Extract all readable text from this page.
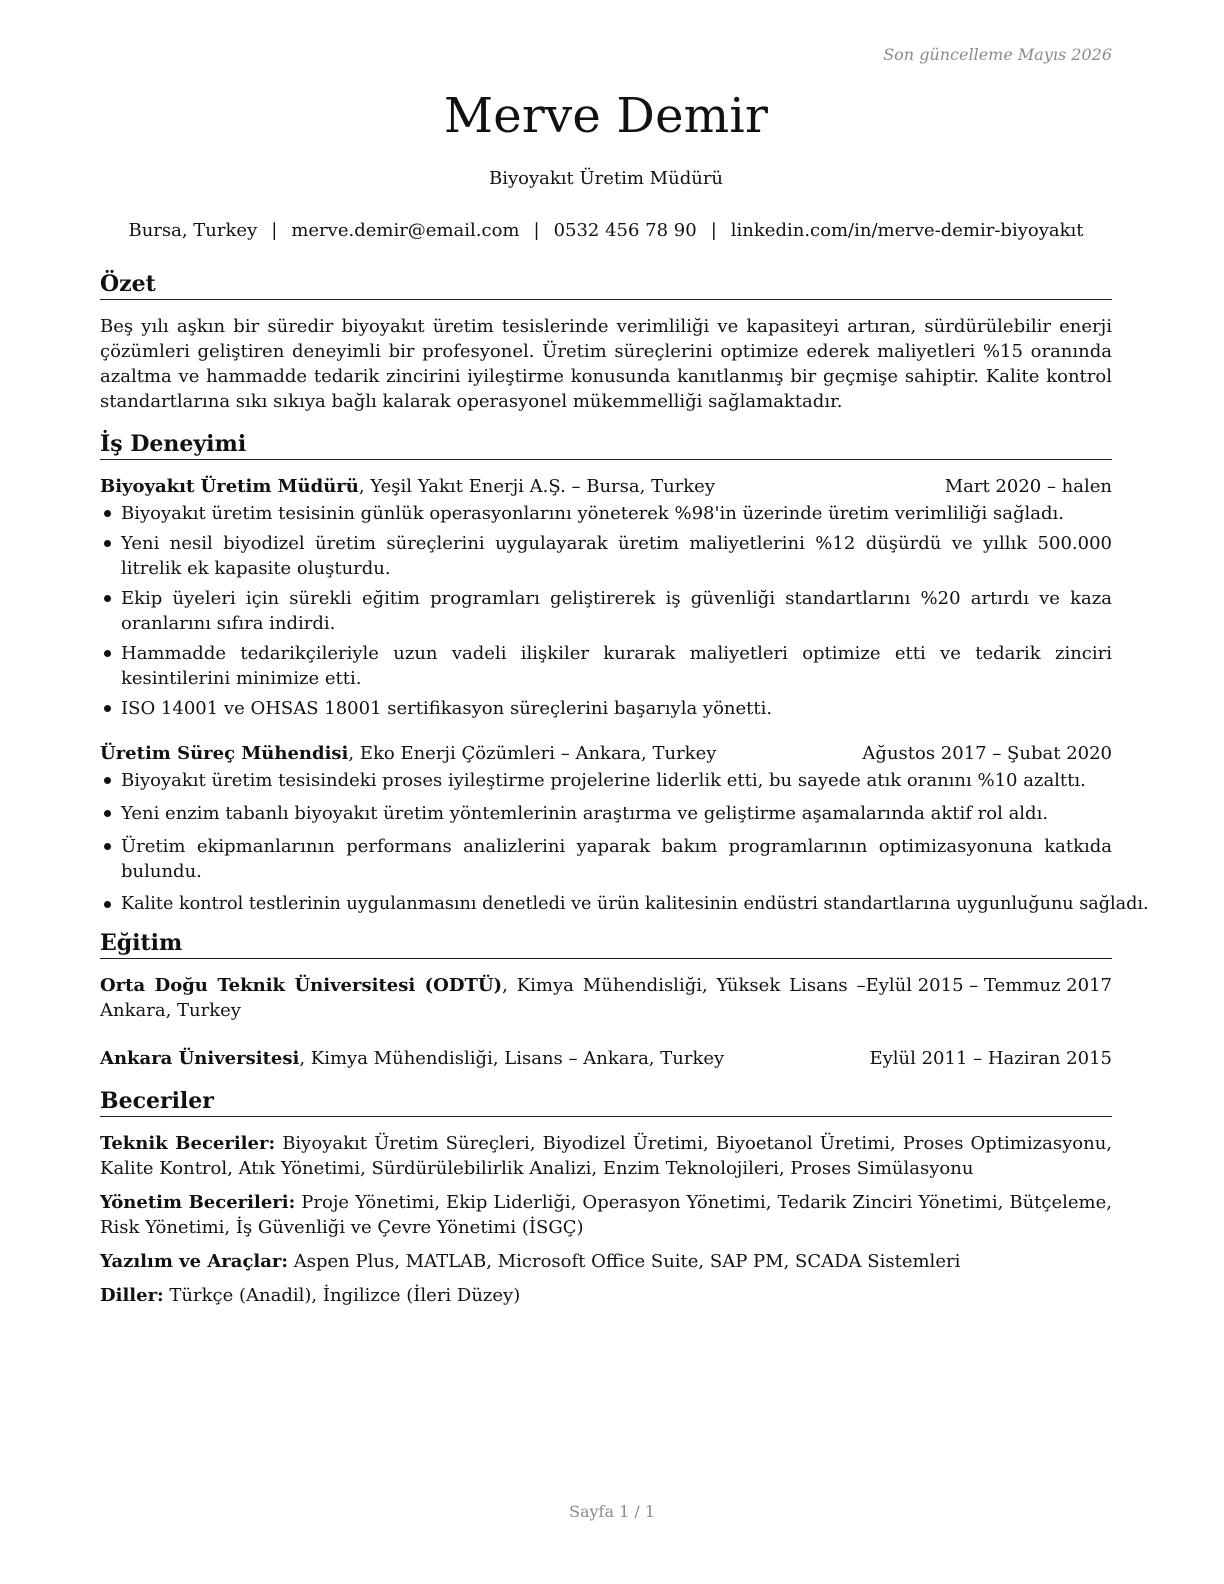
Son güncelleme Mayıs 2026
Merve Demir
Biyoyakıt Üretim Müdürü
Bursa, Turkey | merve.demir@email.com | 0532 456 78 90 | linkedin.com/in/merve-demir-biyoyakıt
Özet

Beş yılı aşkın bir süredir biyoyakıt üretim tesislerinde verimliliği ve kapasiteyi artıran, sürdürülebilir enerji çözümleri geliştiren deneyimli bir profesyonel. Üretim süreçlerini optimize ederek maliyetleri %15 oranında azaltma ve hammadde tedarik zincirini iyileştirme konusunda kanıtlanmış bir geçmişe sahiptir. Kalite kontrol standartlarına sıkı sıkıya bağlı kalarak operasyonel mükemmelliği sağlamaktadır.

İş Deneyimi
Biyoyakıt Üretim Müdürü, Yeşil Yakıt Enerji A.Ş. – Bursa, Turkey	Mart 2020 – halen
Biyoyakıt üretim tesisinin günlük operasyonlarını yöneterek %98'in üzerinde üretim verimliliği sağladı.
Yeni nesil biyodizel üretim süreçlerini uygulayarak üretim maliyetlerini %12 düşürdü ve yıllık 500.000 litrelik ek kapasite oluşturdu.
Ekip üyeleri için sürekli eğitim programları geliştirerek iş güvenliği standartlarını %20 artırdı ve kaza oranlarını sıfıra indirdi.
Hammadde tedarikçileriyle uzun vadeli ilişkiler kurarak maliyetleri optimize etti ve tedarik zinciri kesintilerini minimize etti.
ISO 14001 ve OHSAS 18001 sertifikasyon süreçlerini başarıyla yönetti.
Üretim Süreç Mühendisi, Eko Enerji Çözümleri – Ankara, Turkey	Ağustos 2017 – Şubat 2020
Biyoyakıt üretim tesisindeki proses iyileştirme projelerine liderlik etti, bu sayede atık oranını %10 azalttı.
Yeni enzim tabanlı biyoyakıt üretim yöntemlerinin araştırma ve geliştirme aşamalarında aktif rol aldı.
Üretim ekipmanlarının performans analizlerini yaparak bakım programlarının optimizasyonuna katkıda bulundu.
Kalite kontrol testlerinin uygulanmasını denetledi ve ürün kalitesinin endüstri standartlarına uygunluğunu sağladı.
Eğitim
Orta Doğu Teknik Üniversitesi (ODTÜ), Kimya Mühendisliği, Yüksek Lisans – Ankara, Turkey
Eylül 2015 – Temmuz 2017
Ankara Üniversitesi, Kimya Mühendisliği, Lisans – Ankara, Turkey	Eylül 2011 – Haziran 2015
Beceriler
Teknik Beceriler: Biyoyakıt Üretim Süreçleri, Biyodizel Üretimi, Biyoetanol Üretimi, Proses Optimizasyonu, Kalite Kontrol, Atık Yönetimi, Sürdürülebilirlik Analizi, Enzim Teknolojileri, Proses Simülasyonu
Yönetim Becerileri: Proje Yönetimi, Ekip Liderliği, Operasyon Yönetimi, Tedarik Zinciri Yönetimi, Bütçeleme, Risk Yönetimi, İş Güvenliği ve Çevre Yönetimi (İSGÇ)
Yazılım ve Araçlar: Aspen Plus, MATLAB, Microsoft Office Suite, SAP PM, SCADA Sistemleri
Diller: Türkçe (Anadil), İngilizce (İleri Düzey)
Sayfa 1 / 1
